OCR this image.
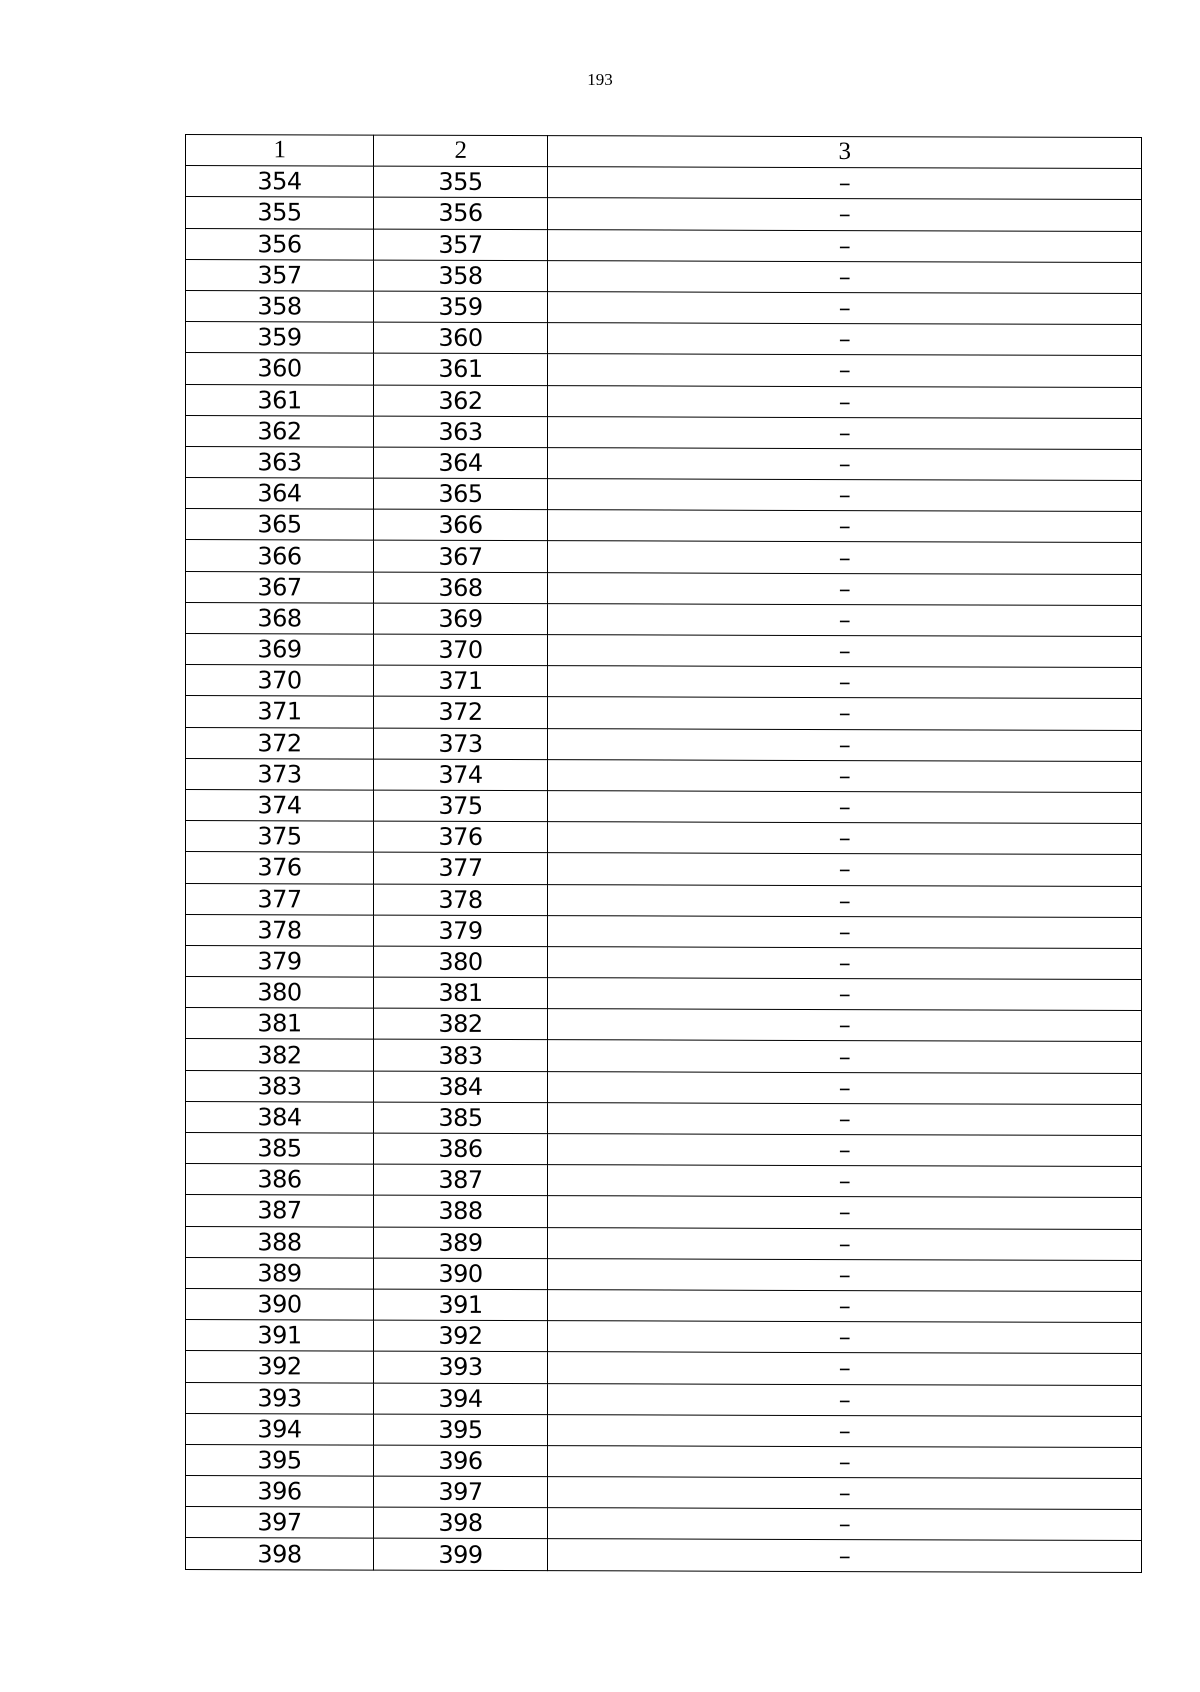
193
1	2	3
354	355	–
355	356	–
356	357	–
357	358	–
358	359	–
359	360	–
360	361	–
361	362	–
362	363	–
363	364	–
364	365	–
365	366	–
366	367	–
367	368	–
368	369	–
369	370	–
370	371	–
371	372	–
372	373	–
373	374	–
374	375	–
375	376	–
376	377	–
377	378	–
378	379	–
379	380	–
380	381	–
381	382	–
382	383	–
383	384	–
384	385	–
385	386	–
386	387	–
387	388	–
388	389	–
389	390	–
390	391	–
391	392	–
392	393	–
393	394	–
394	395	–
395	396	–
396	397	–
397	398	–
398	399	–
